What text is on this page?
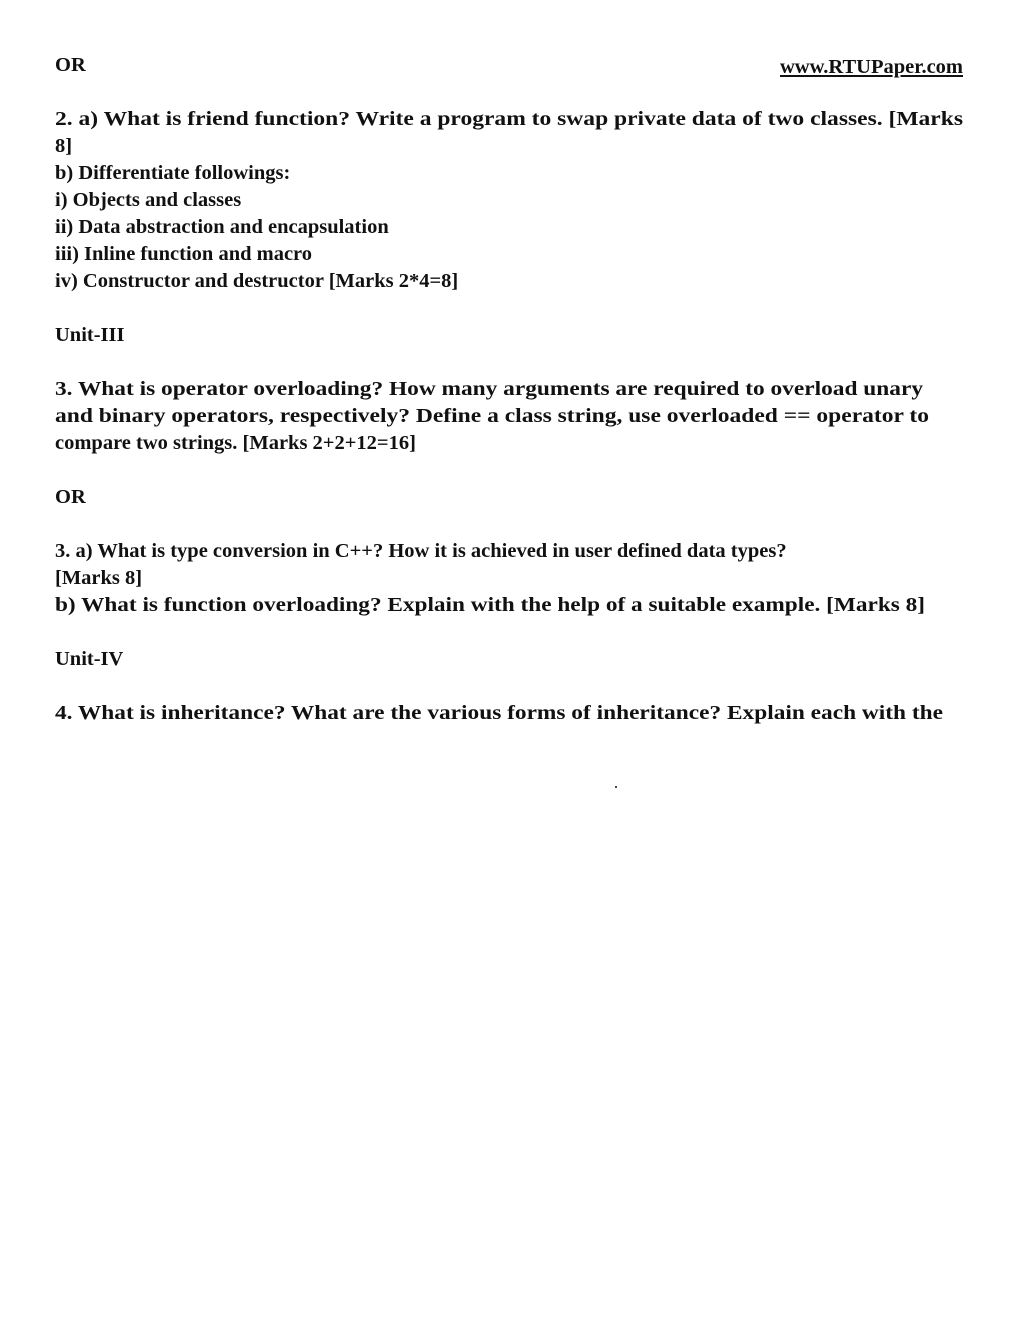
OR	www.RTUPaper.com
2. a) What is friend function? Write a program to swap private data of two classes. [Marks
8]
b) Differentiate followings:
i) Objects and classes
ii) Data abstraction and encapsulation
iii) Inline function and macro
iv) Constructor and destructor [Marks 2*4=8]
Unit-III
3. What is operator overloading? How many arguments are required to overload unary
and binary operators, respectively? Define a class string, use overloaded == operator to
compare two strings. [Marks 2+2+12=16]
OR
3. a) What is type conversion in C++? How it is achieved in user defined data types?
[Marks 8]
b) What is function overloading? Explain with the help of a suitable example. [Marks 8]
Unit-IV
4. What is inheritance? What are the various forms of inheritance? Explain each with the
